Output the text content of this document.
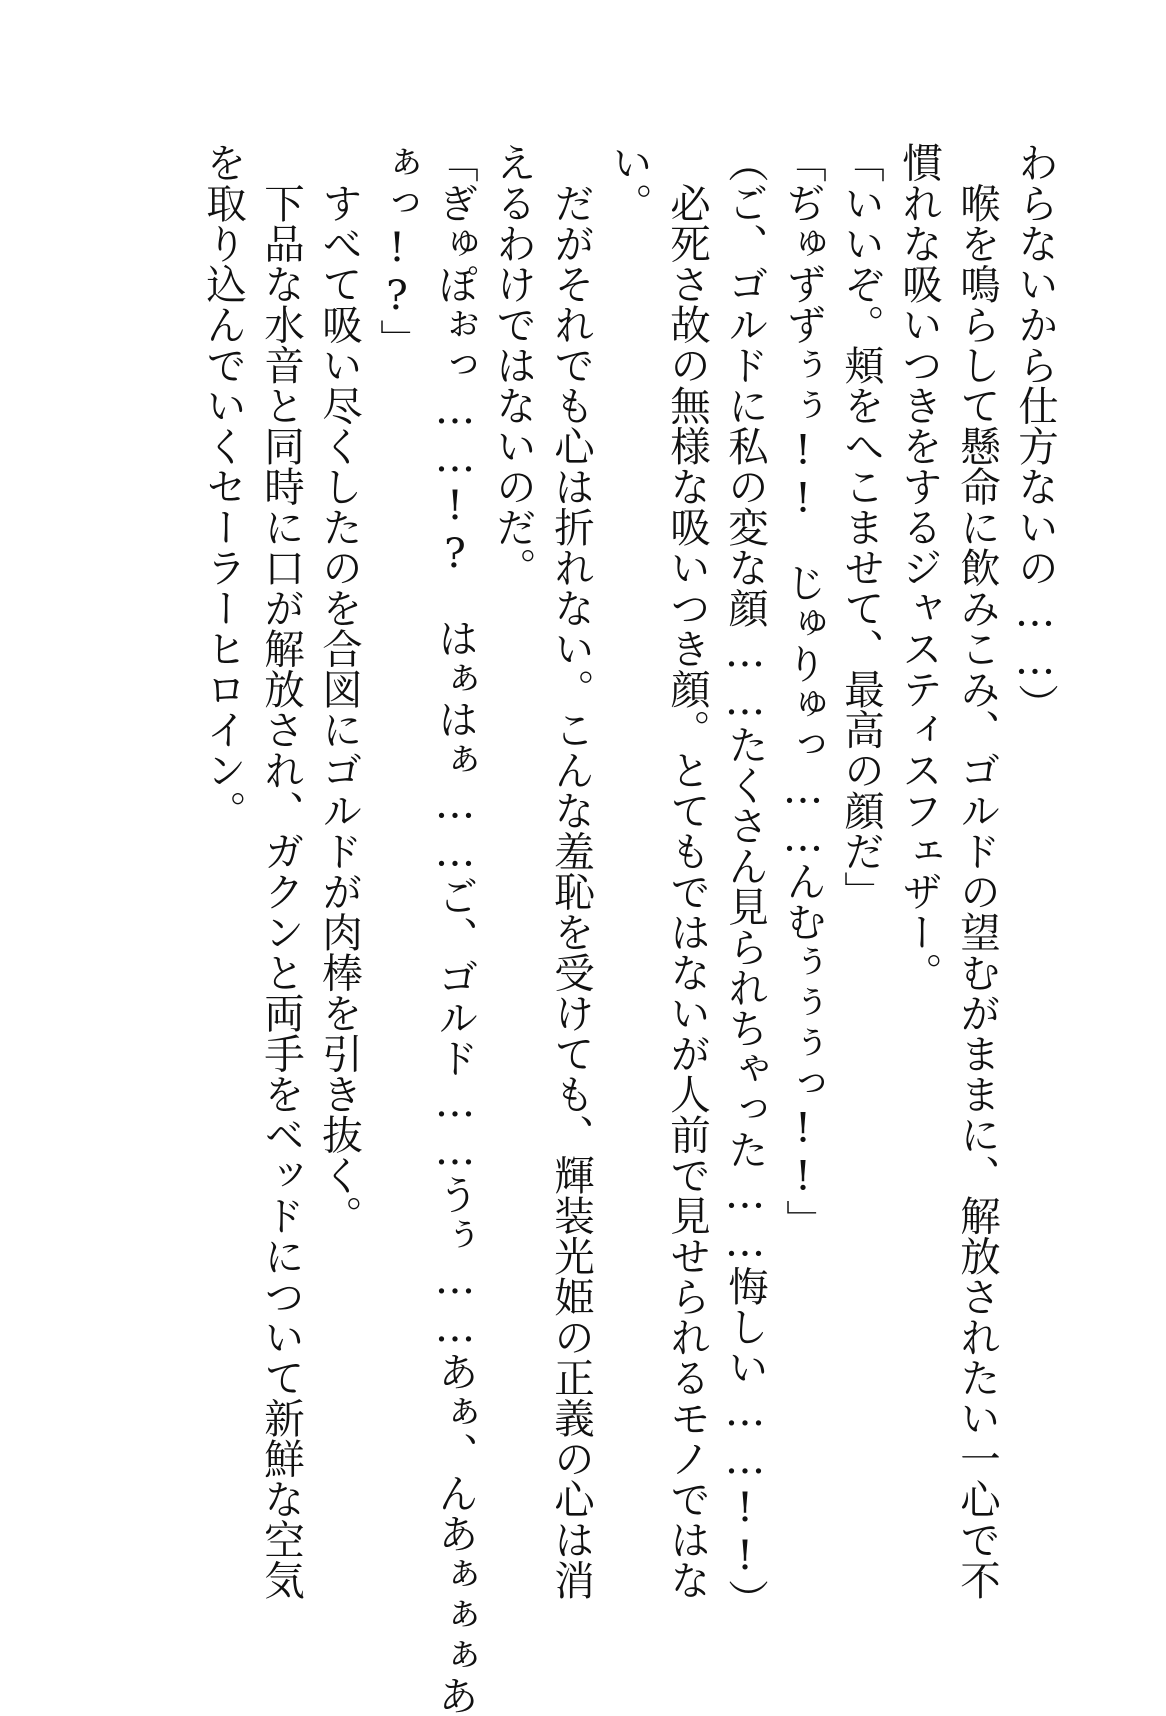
わらないから仕方ないの……）
　喉を鳴らして懸命に飲みこみ、ゴルドの望むがままに、解放されたい一心で不
慣れな吸いつきをするジャスティスフェザー。
「いいぞ。頬をへこませて、最高の顔だ」
「ぢゅずずぅぅ!!　じゅりゅっ……んむぅぅぅっ!!」
（ご、ゴルドに私の変な顔……たくさん見られちゃった……悔しい……!!）
　必死さ故の無様な吸いつき顔。とてもではないが人前で見せられるモノではな
い。
　だがそれでも心は折れない。こんな羞恥を受けても、輝装光姫の正義の心は消
えるわけではないのだ。
「ぎゅぽぉっ……!?　はぁはぁ……ご、ゴルド……うぅ……あぁ、んあぁぁぁあ
ぁっ!?」
　すべて吸い尽くしたのを合図にゴルドが肉棒を引き抜く。
　下品な水音と同時に口が解放され、ガクンと両手をベッドについて新鮮な空気
を取り込んでいくセーラーヒロイン。
